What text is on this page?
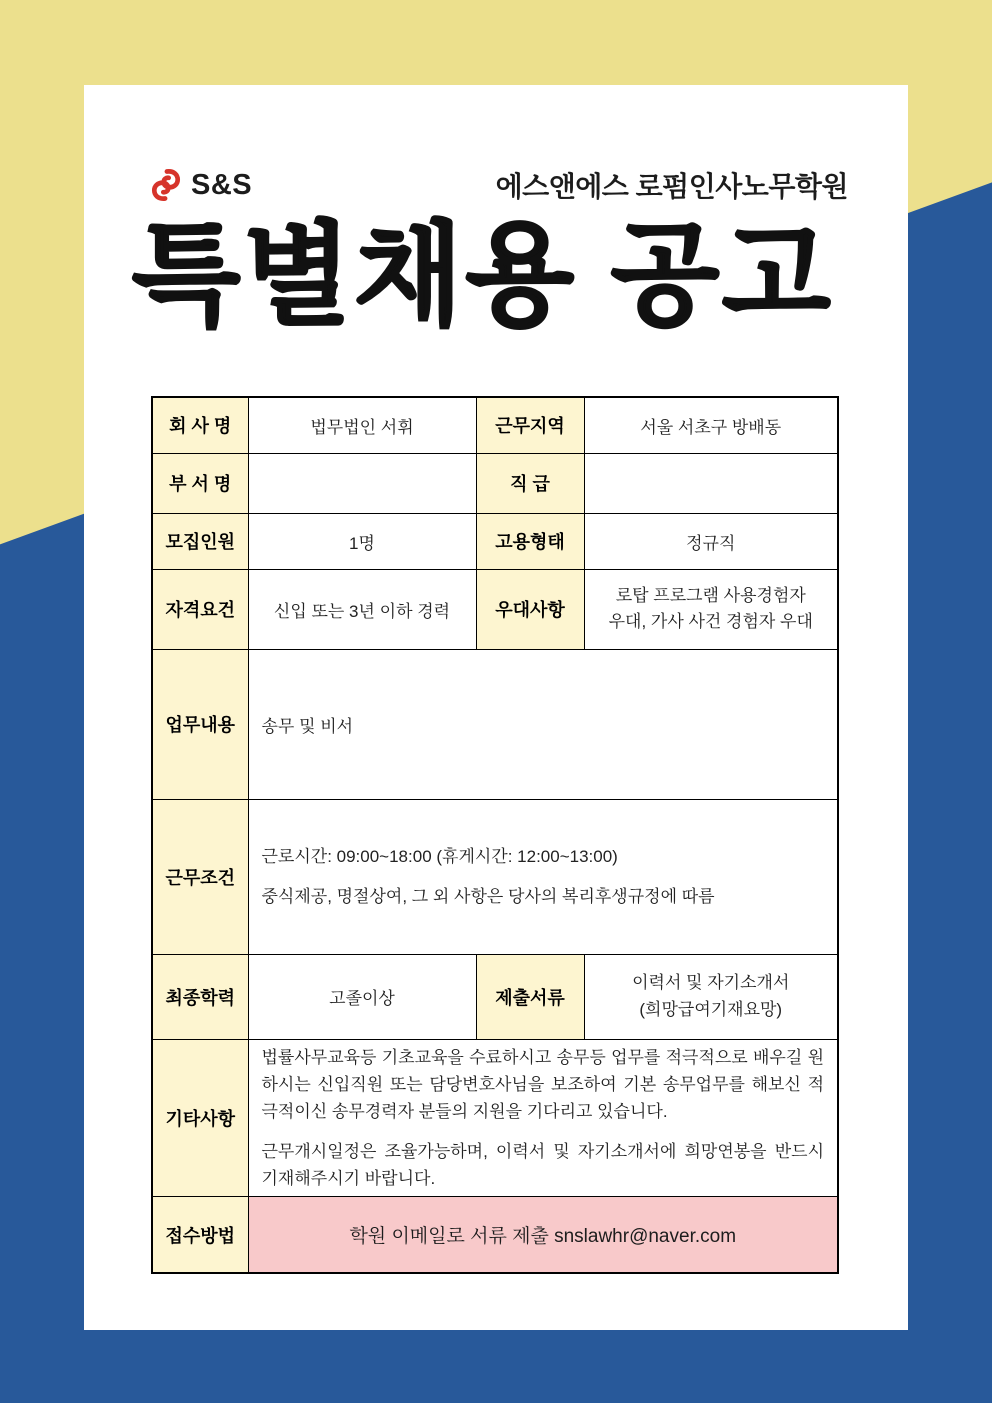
S&S	에스앤에스 로펌인사노무학원
특별채용 공고
회 사 명	법무법인 서휘	근무지역	서울 서초구 방배동
부 서 명		직 급	
모집인원	1명	고용형태	정규직
자격요건	신입 또는 3년 이하 경력	우대사항	로탑 프로그램 사용경험자
우대, 가사 사건 경험자 우대

업무내용	송무 및 비서		
근무조건	근로시간: 09:00~18:00 (휴게시간: 12:00~13:00)
중식제공, 명절상여, 그 외 사항은 당사의 복리후생규정에 따름		

최종학력	고졸이상	제출서류	이력서 및 자기소개서
(희망급여기재요망)

기타사항	법률사무교육등 기초교육을 수료하시고 송무등 업무를 적극적으로 배우길 원하시는 신입직원 또는 담당변호사님을 보조하여 기본 송무업무를 해보신 적극적이신 송무경력자 분들의 지원을 기다리고 있습니다.
근무개시일정은 조율가능하며, 이력서 및 자기소개서에 희망연봉을 반드시 기재해주시기 바랍니다.		

접수방법	학원 이메일로 서류 제출 snslawhr@naver.com		
